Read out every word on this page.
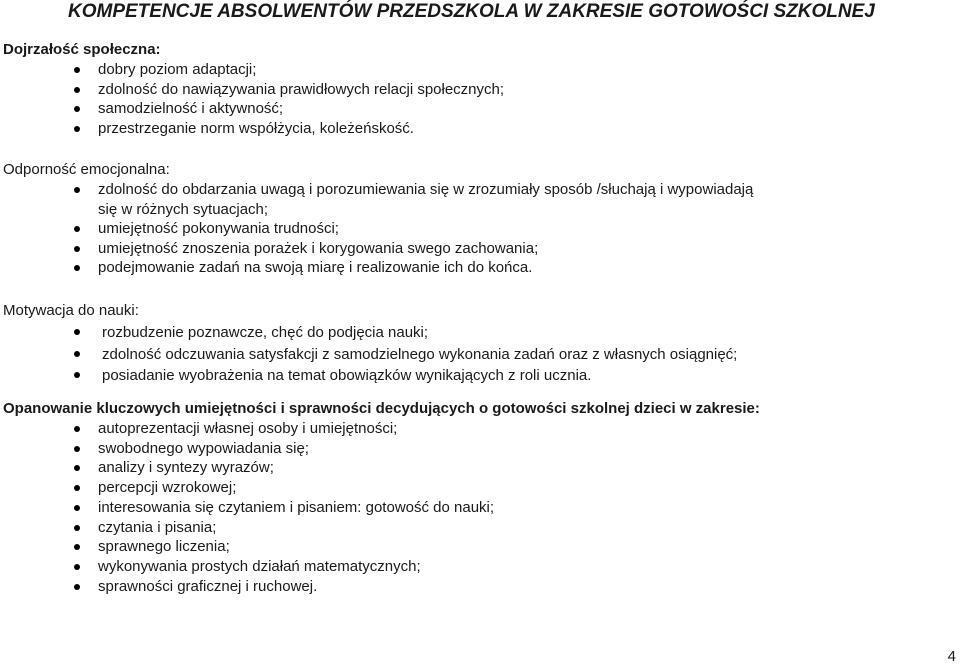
KOMPETENCJE ABSOLWENTÓW PRZEDSZKOLA W ZAKRESIE GOTOWOŚCI SZKOLNEJ

Dojrzałość społeczna:

dobry poziom adaptacji;
zdolność do nawiązywania prawidłowych relacji społecznych;
samodzielność i aktywność;
przestrzeganie norm współżycia, koleżeńskość.

Odporność emocjonalna:

zdolność do obdarzania uwagą i porozumiewania się w zrozumiały sposób /słuchają i wypowiadają się w różnych sytuacjach;
umiejętność pokonywania trudności;
umiejętność znoszenia porażek i korygowania swego zachowania;
podejmowanie zadań na swoją miarę i realizowanie ich do końca.

Motywacja do nauki:

rozbudzenie poznawcze, chęć do podjęcia nauki;
zdolność odczuwania satysfakcji z samodzielnego wykonania zadań oraz z własnych osiągnięć;
posiadanie wyobrażenia na temat obowiązków wynikających z roli ucznia.

Opanowanie kluczowych umiejętności i sprawności decydujących o gotowości szkolnej dzieci w zakresie:

autoprezentacji własnej osoby i umiejętności;
swobodnego wypowiadania się;
analizy i syntezy wyrazów;
percepcji wzrokowej;
interesowania się czytaniem i pisaniem: gotowość do nauki;
czytania i pisania;
sprawnego liczenia;
wykonywania prostych działań matematycznych;
sprawności graficznej i ruchowej.
4
